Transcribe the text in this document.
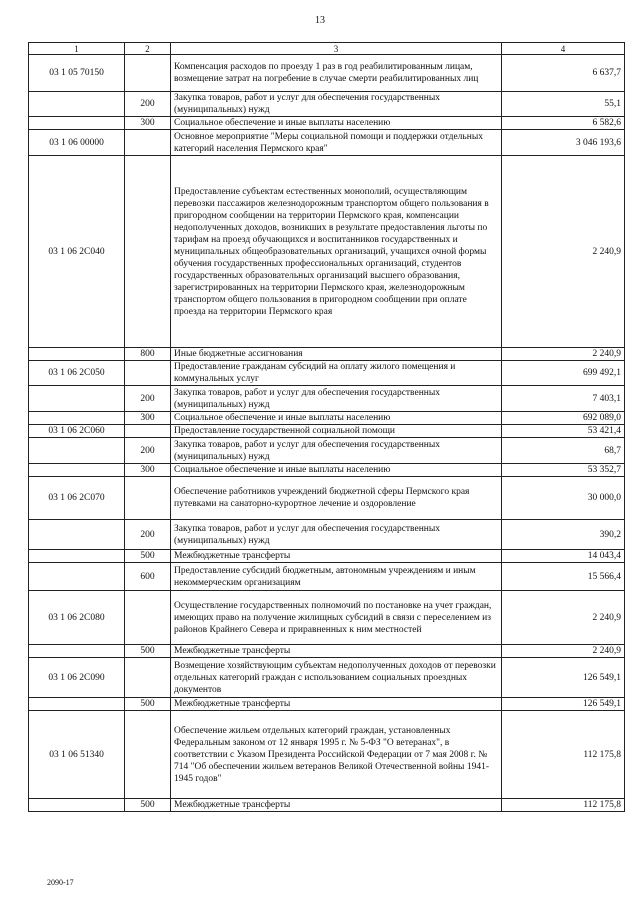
13
1	2	3	4
03 1 05 70150		Компенсация расходов по проезду 1 раз в год реабилитированным лицам, возмещение затрат на погребение в случае смерти реабилитированных лиц	6 637,7
	200	Закупка товаров, работ и услуг для обеспечения государственных (муниципальных) нужд	55,1
	300	Социальное обеспечение и иные выплаты населению	6 582,6
03 1 06 00000		Основное мероприятие "Меры социальной помощи и поддержки отдельных категорий населения Пермского края"	3 046 193,6
03 1 06 2С040		Предоставление субъектам естественных монополий, осуществляющим перевозки пассажиров железнодорожным транспортом общего пользования в пригородном сообщении на территории Пермского края, компенсации недополученных доходов, возникших в результате предоставления льготы по тарифам на проезд обучающихся и воспитанников государственных и муниципальных общеобразовательных организаций, учащихся очной формы обучения государственных профессиональных организаций, студентов государственных образовательных организаций высшего образования, зарегистрированных на территории Пермского края, железнодорожным транспортом общего пользования в пригородном сообщении при оплате проезда на территории Пермского края	2 240,9
	800	Иные бюджетные ассигнования	2 240,9
03 1 06 2С050		Предоставление гражданам субсидий на оплату жилого помещения и коммунальных услуг	699 492,1
	200	Закупка товаров, работ и услуг для обеспечения государственных (муниципальных) нужд	7 403,1
	300	Социальное обеспечение и иные выплаты населению	692 089,0
03 1 06 2С060		Предоставление государственной социальной помощи	53 421,4
	200	Закупка товаров, работ и услуг для обеспечения государственных (муниципальных) нужд	68,7
	300	Социальное обеспечение и иные выплаты населению	53 352,7
03 1 06 2С070		Обеспечение работников учреждений бюджетной сферы Пермского края путевками на санаторно-курортное лечение и оздоровление	30 000,0
	200	Закупка товаров, работ и услуг для обеспечения государственных (муниципальных) нужд	390,2
	500	Межбюджетные трансферты	14 043,4
	600	Предоставление субсидий бюджетным, автономным учреждениям и иным некоммерческим организациям	15 566,4
03 1 06 2С080		Осуществление государственных полномочий по постановке на учет граждан, имеющих право на получение жилищных субсидий в связи с переселением из районов Крайнего Севера и приравненных к ним местностей	2 240,9
	500	Межбюджетные трансферты	2 240,9
03 1 06 2С090		Возмещение хозяйствующим субъектам недополученных доходов от перевозки отдельных категорий граждан с использованием социальных проездных документов	126 549,1
	500	Межбюджетные трансферты	126 549,1
03 1 06 51340		Обеспечение жильем отдельных категорий граждан, установленных Федеральным законом от 12 января 1995 г. № 5-ФЗ "О ветеранах", в соответствии с Указом Президента Российской Федерации от 7 мая 2008 г. № 714 "Об обеспечении жильем ветеранов Великой Отечественной войны 1941-1945 годов"	112 175,8
	500	Межбюджетные трансферты	112 175,8
2090-17
